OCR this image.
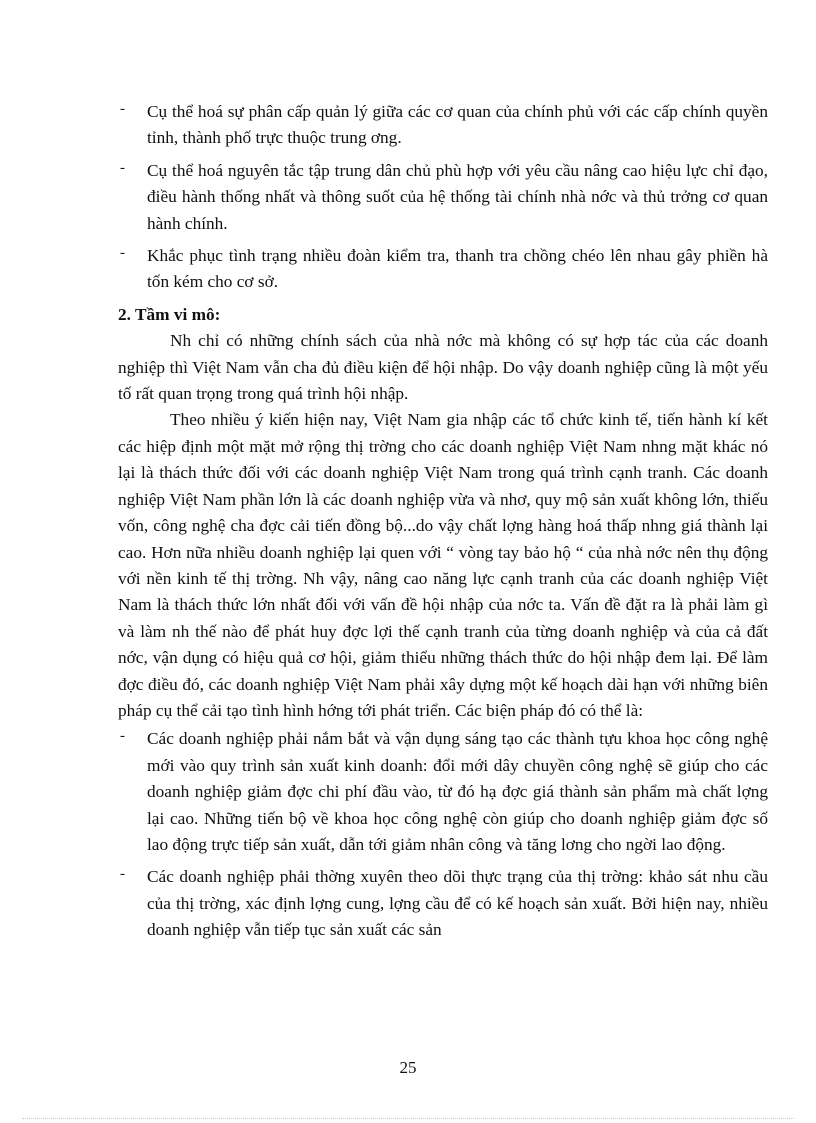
- Cụ thể hoá sự phân cấp quản lý giữa các cơ quan của chính phủ với các cấp chính quyền tỉnh, thành phố trực thuộc trung ơng.
- Cụ thể hoá nguyên tắc tập trung dân chủ phù hợp với yêu cầu nâng cao hiệu lực chỉ đạo, điều hành thống nhất và thông suốt của hệ thống tài chính nhà nớc và thủ trởng cơ quan hành chính.
- Khắc phục tình trạng nhiều đoàn kiểm tra, thanh tra chồng chéo lên nhau gây phiền hà tốn kém cho cơ sở.

2. Tầm vi mô:

Nh chỉ có những chính sách của nhà nớc mà không có sự hợp tác của các doanh nghiệp thì Việt Nam vẫn cha đủ điều kiện để hội nhập. Do vậy doanh nghiệp cũng là một yếu tố rất quan trọng trong quá trình hội nhập.

Theo nhiều ý kiến hiện nay, Việt Nam gia nhập các tổ chức kinh tế, tiến hành kí kết các hiệp định một mặt mở rộng thị trờng cho các doanh nghiệp Việt Nam nhng mặt khác nó lại là thách thức đối với các doanh nghiệp Việt Nam trong quá trình cạnh tranh. Các doanh nghiệp Việt Nam phần lớn là các doanh nghiệp vừa và nhơ, quy mộ sản xuất không lớn, thiếu vốn, công nghệ cha đợc cải tiến đồng bộ...do vậy chất lợng hàng hoá thấp nhng giá thành lại cao. Hơn nữa nhiều doanh nghiệp lại quen với “ vòng tay bảo hộ “ của nhà nớc nên thụ động với nền kinh tế thị trờng. Nh vậy, nâng cao năng lực cạnh tranh của các doanh nghiệp Việt Nam là thách thức lớn nhất đối với vấn đề hội nhập của nớc ta. Vấn đề đặt ra là phải làm gì và làm nh thế nào để phát huy đợc lợi thế cạnh tranh của từng doanh nghiệp và của cả đất nớc, vận dụng có hiệu quả cơ hội, giảm thiểu những thách thức do hội nhập đem lại. Để làm đợc điều đó, các doanh nghiệp Việt Nam phải xây dựng một kế hoạch dài hạn với những biên pháp cụ thể cải tạo tình hình hớng tới phát triển. Các biện pháp đó có thể là:

- Các doanh nghiệp phải nắm bắt và vận dụng sáng tạo các thành tựu khoa học công nghệ mới vào quy trình sản xuất kinh doanh: đổi mới dây chuyền công nghệ sẽ giúp cho các doanh nghiệp giảm đợc chi phí đầu vào, từ đó hạ đợc giá thành sản phẩm mà chất lợng lại cao. Những tiến bộ về khoa học công nghệ còn giúp cho doanh nghiệp giảm đợc số lao động trực tiếp sản xuất, dẫn tới giảm nhân công và tăng lơng cho ngời lao động.
- Các doanh nghiệp phải thờng xuyên theo dõi thực trạng của thị trờng: khảo sát nhu cầu của thị trờng, xác định lợng cung, lợng cầu để có kế hoạch sản xuất. Bởi hiện nay, nhiều doanh nghiệp vẫn tiếp tục sản xuất các sản
25
